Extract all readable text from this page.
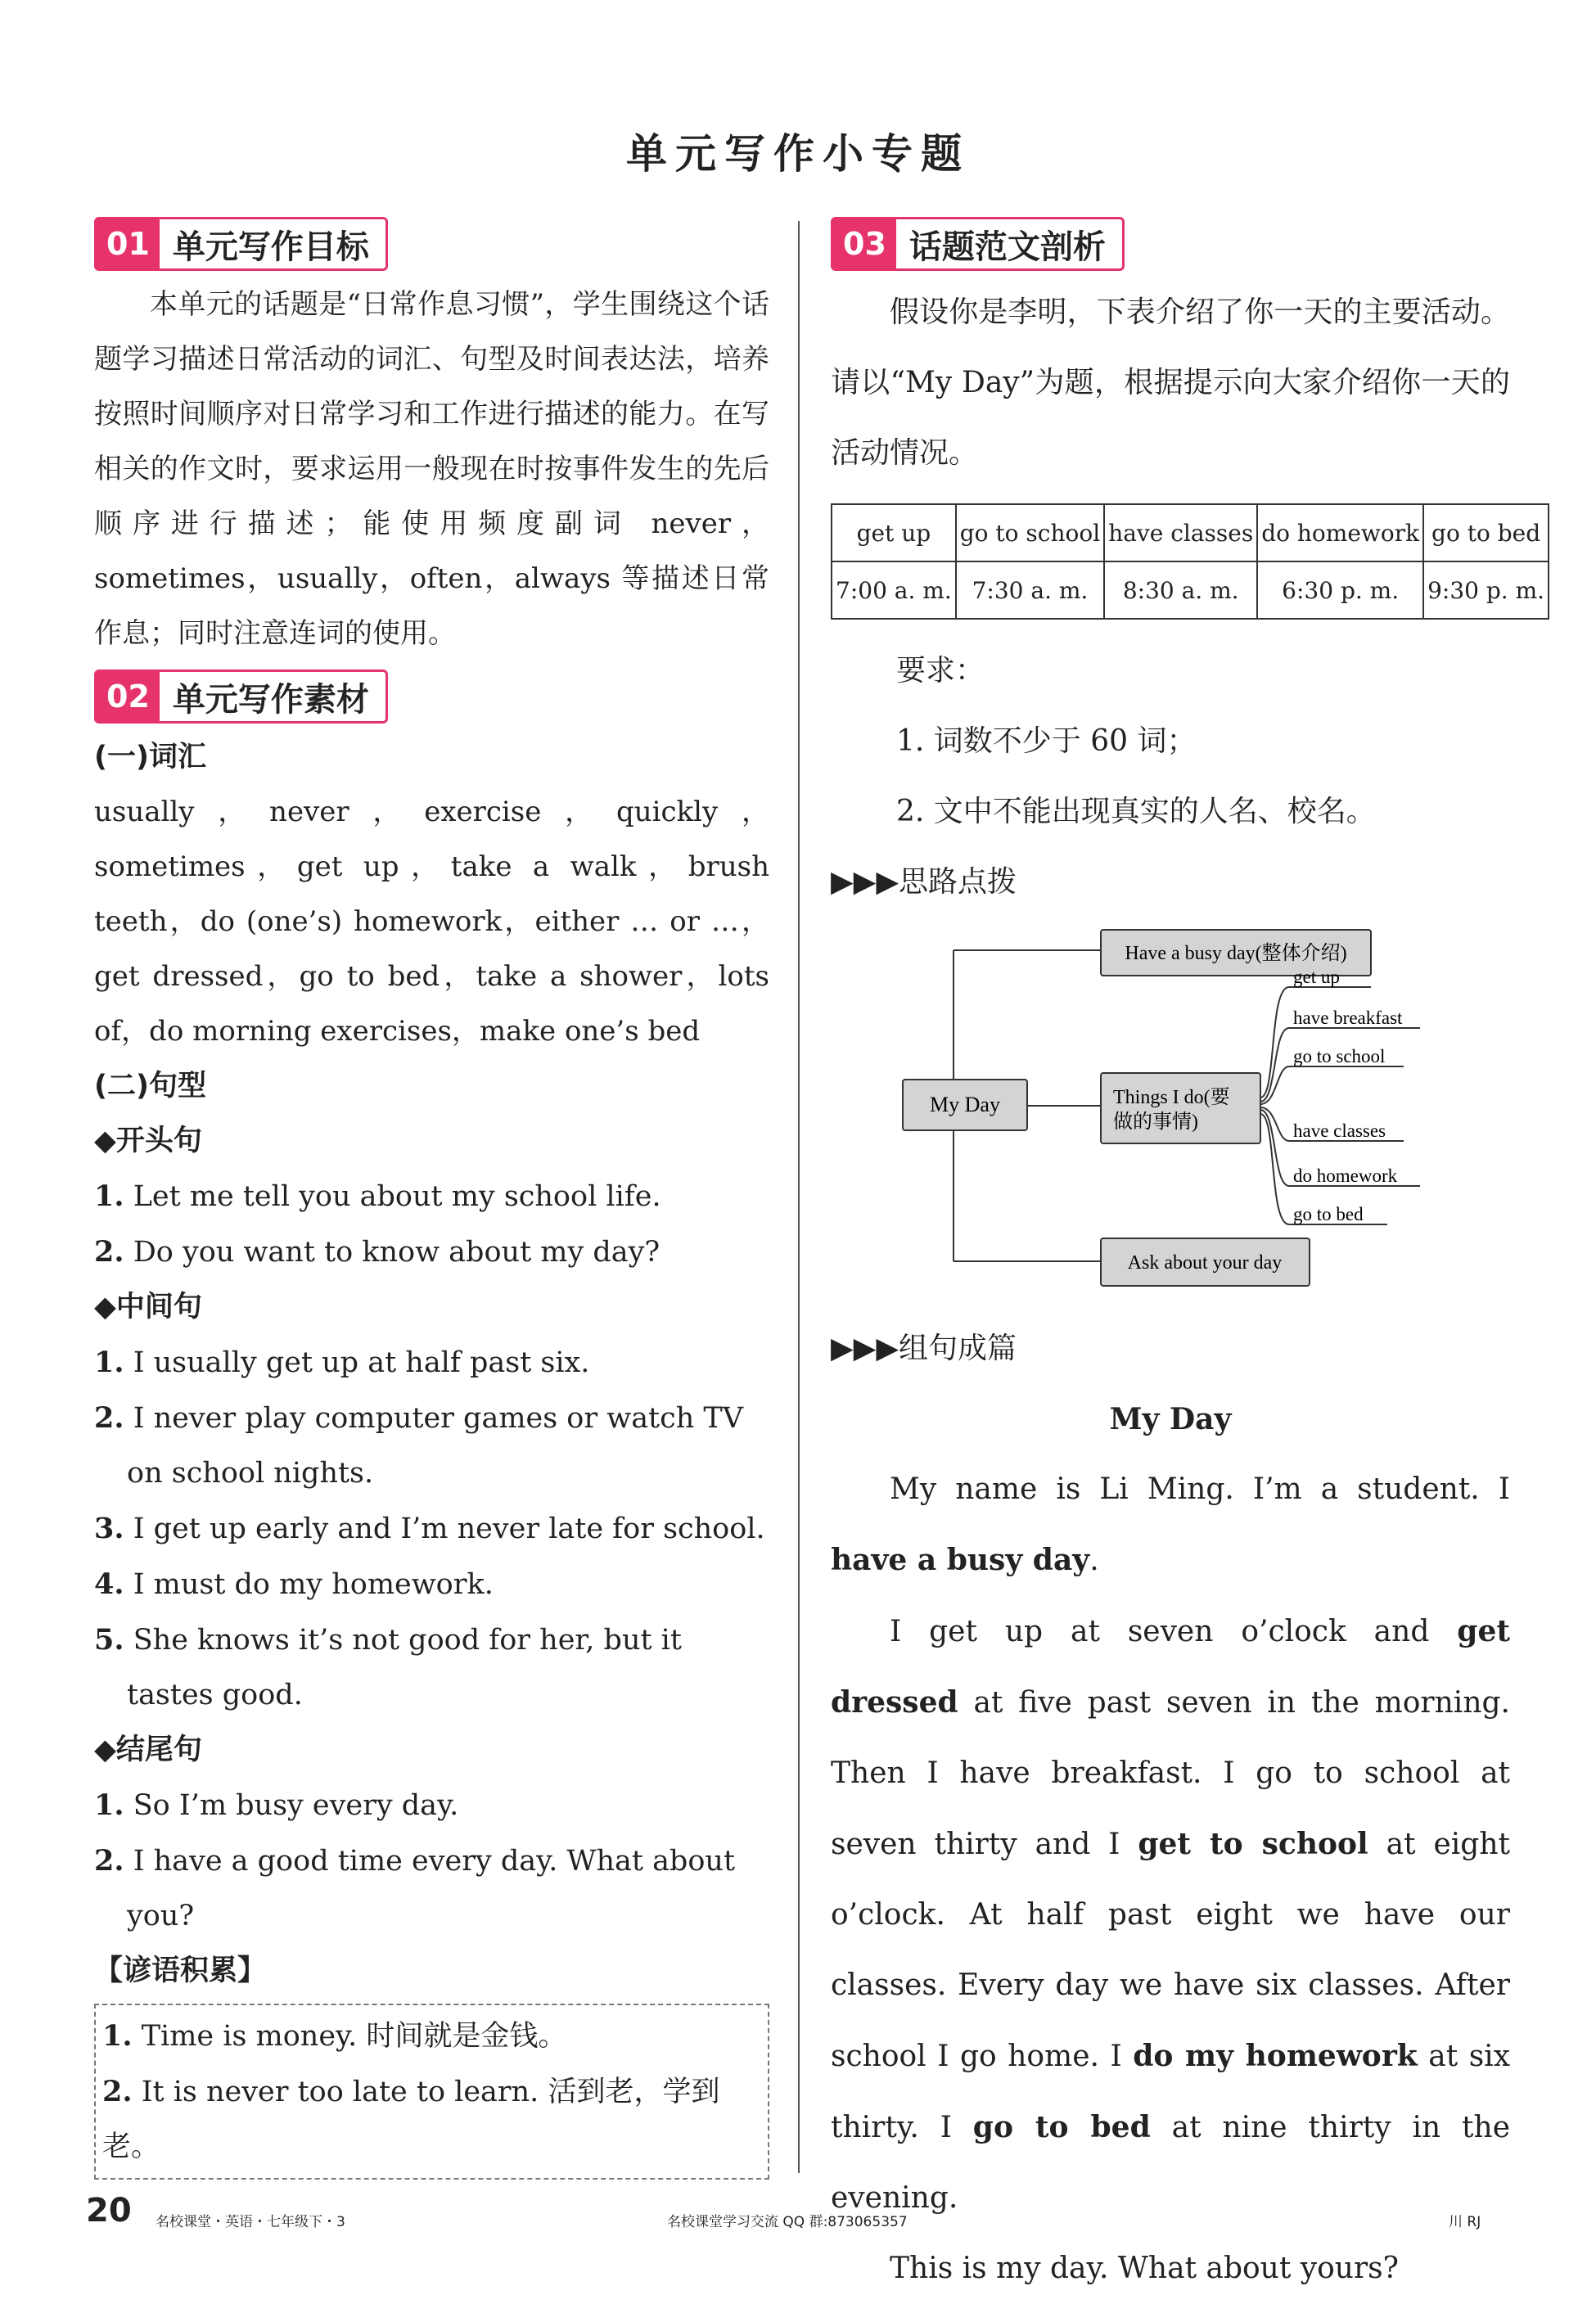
单元写作小专题
01 单元写作目标

本单元的话题是“日常作息习惯”，学生围绕这个话题学习描述日常活动的词汇、句型及时间表达法，培养按照时间顺序对日常学习和工作进行描述的能力。在写相关的作文时，要求运用一般现在时按事件发生的先后顺序进行描述；能使用频度副词 never，sometimes，usually，often，always 等描述日常作息；同时注意连词的使用。

02 单元写作素材

(一)词汇

usually，never，exercise，quickly，sometimes，get up，take a walk，brush teeth，do (one’s) homework，either … or …，get dressed，go to bed，take a shower，lots of，do morning exercises，make one’s bed

(二)句型

◆开头句

1. Let me tell you about my school life.

2. Do you want to know about my day?

◆中间句

1. I usually get up at half past six.

2. I never play computer games or watch TV on school nights.

3. I get up early and I’m never late for school.

4. I must do my homework.

5. She knows it’s not good for her, but it tastes good.

◆结尾句

1. So I’m busy every day.

2. I have a good time every day. What about you?

【谚语积累】

1. Time is money. 时间就是金钱。

2. It is never too late to learn. 活到老，学到老。

03 话题范文剖析

假设你是李明，下表介绍了你一天的主要活动。请以“My Day”为题，根据提示向大家介绍你一天的活动情况。

get up	go to school	have classes	do homework	go to bed
7:00 a. m.	7:30 a. m.	8:30 a. m.	6:30 p. m.	9:30 p. m.

要求：

1. 词数不少于 60 词；

2. 文中不能出现真实的人名、校名。

▶▶▶思路点拨

My Day
Have a busy day(整体介绍)
Things I do(要
做的事情)
Ask about your day
get up
have breakfast
go to school
have classes
do homework
go to bed

▶▶▶组句成篇

My Day

My name is Li Ming. I’m a student. I have a busy day.

I get up at seven o’clock and get dressed at five past seven in the morning. Then I have breakfast. I go to school at seven thirty and I get to school at eight o’clock. At half past eight we have our classes. Every day we have six classes. After school I go home. I do my homework at six thirty. I go to bed at nine thirty in the evening.

This is my day. What about yours?

20 名校课堂・英语・七年级下・3	名校课堂学习交流 QQ 群:873065357	川 RJ
